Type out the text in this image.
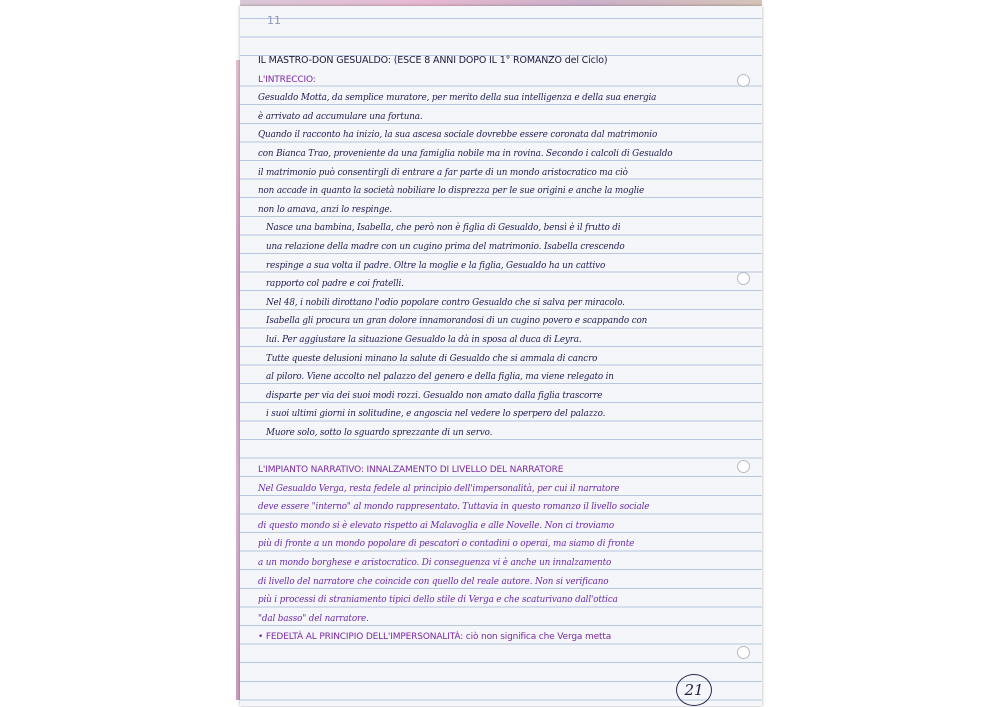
11
IL MASTRO-DON GESUALDO: (ESCE 8 ANNI DOPO IL 1° ROMANZO del Ciclo)
L'INTRECCIO:
Gesualdo Motta, da semplice muratore, per merito della sua intelligenza e della sua energia
è arrivato ad accumulare una fortuna.
Quando il racconto ha inizio, la sua ascesa sociale dovrebbe essere coronata dal matrimonio
con Bianca Trao, proveniente da una famiglia nobile ma in rovina. Secondo i calcoli di Gesualdo
il matrimonio può consentirgli di entrare a far parte di un mondo aristocratico ma ciò
non accade in quanto la società nobiliare lo disprezza per le sue origini e anche la moglie
non lo amava, anzi lo respinge.
Nasce una bambina, Isabella, che però non è figlia di Gesualdo, bensì è il frutto di
una relazione della madre con un cugino prima del matrimonio. Isabella crescendo
respinge a sua volta il padre. Oltre la moglie e la figlia, Gesualdo ha un cattivo
rapporto col padre e coi fratelli.
Nel 48, i nobili dirottano l'odio popolare contro Gesualdo che si salva per miracolo.
Isabella gli procura un gran dolore innamorandosi di un cugino povero e scappando con
lui. Per aggiustare la situazione Gesualdo la dà in sposa al duca di Leyra.
Tutte queste delusioni minano la salute di Gesualdo che si ammala di cancro
al piloro. Viene accolto nel palazzo del genero e della figlia, ma viene relegato in
disparte per via dei suoi modi rozzi. Gesualdo non amato dalla figlia trascorre
i suoi ultimi giorni in solitudine, e angoscia nel vedere lo sperpero del palazzo.
Muore solo, sotto lo sguardo sprezzante di un servo.
L'IMPIANTO NARRATIVO: INNALZAMENTO DI LIVELLO DEL NARRATORE
Nel Gesualdo Verga, resta fedele al principio dell'impersonalità, per cui il narratore
deve essere "interno" al mondo rappresentato. Tuttavia in questo romanzo il livello sociale
di questo mondo si è elevato rispetto ai Malavoglia e alle Novelle. Non ci troviamo
più di fronte a un mondo popolare di pescatori o contadini o operai, ma siamo di fronte
a un mondo borghese e aristocratico. Di conseguenza vi è anche un innalzamento
di livello del narratore che coincide con quello del reale autore. Non si verificano
più i processi di straniamento tipici dello stile di Verga e che scaturivano dall'ottica
"dal basso" del narratore.
• FEDELTÀ AL PRINCIPIO DELL'IMPERSONALITÀ: ciò non significa che Verga metta
21
